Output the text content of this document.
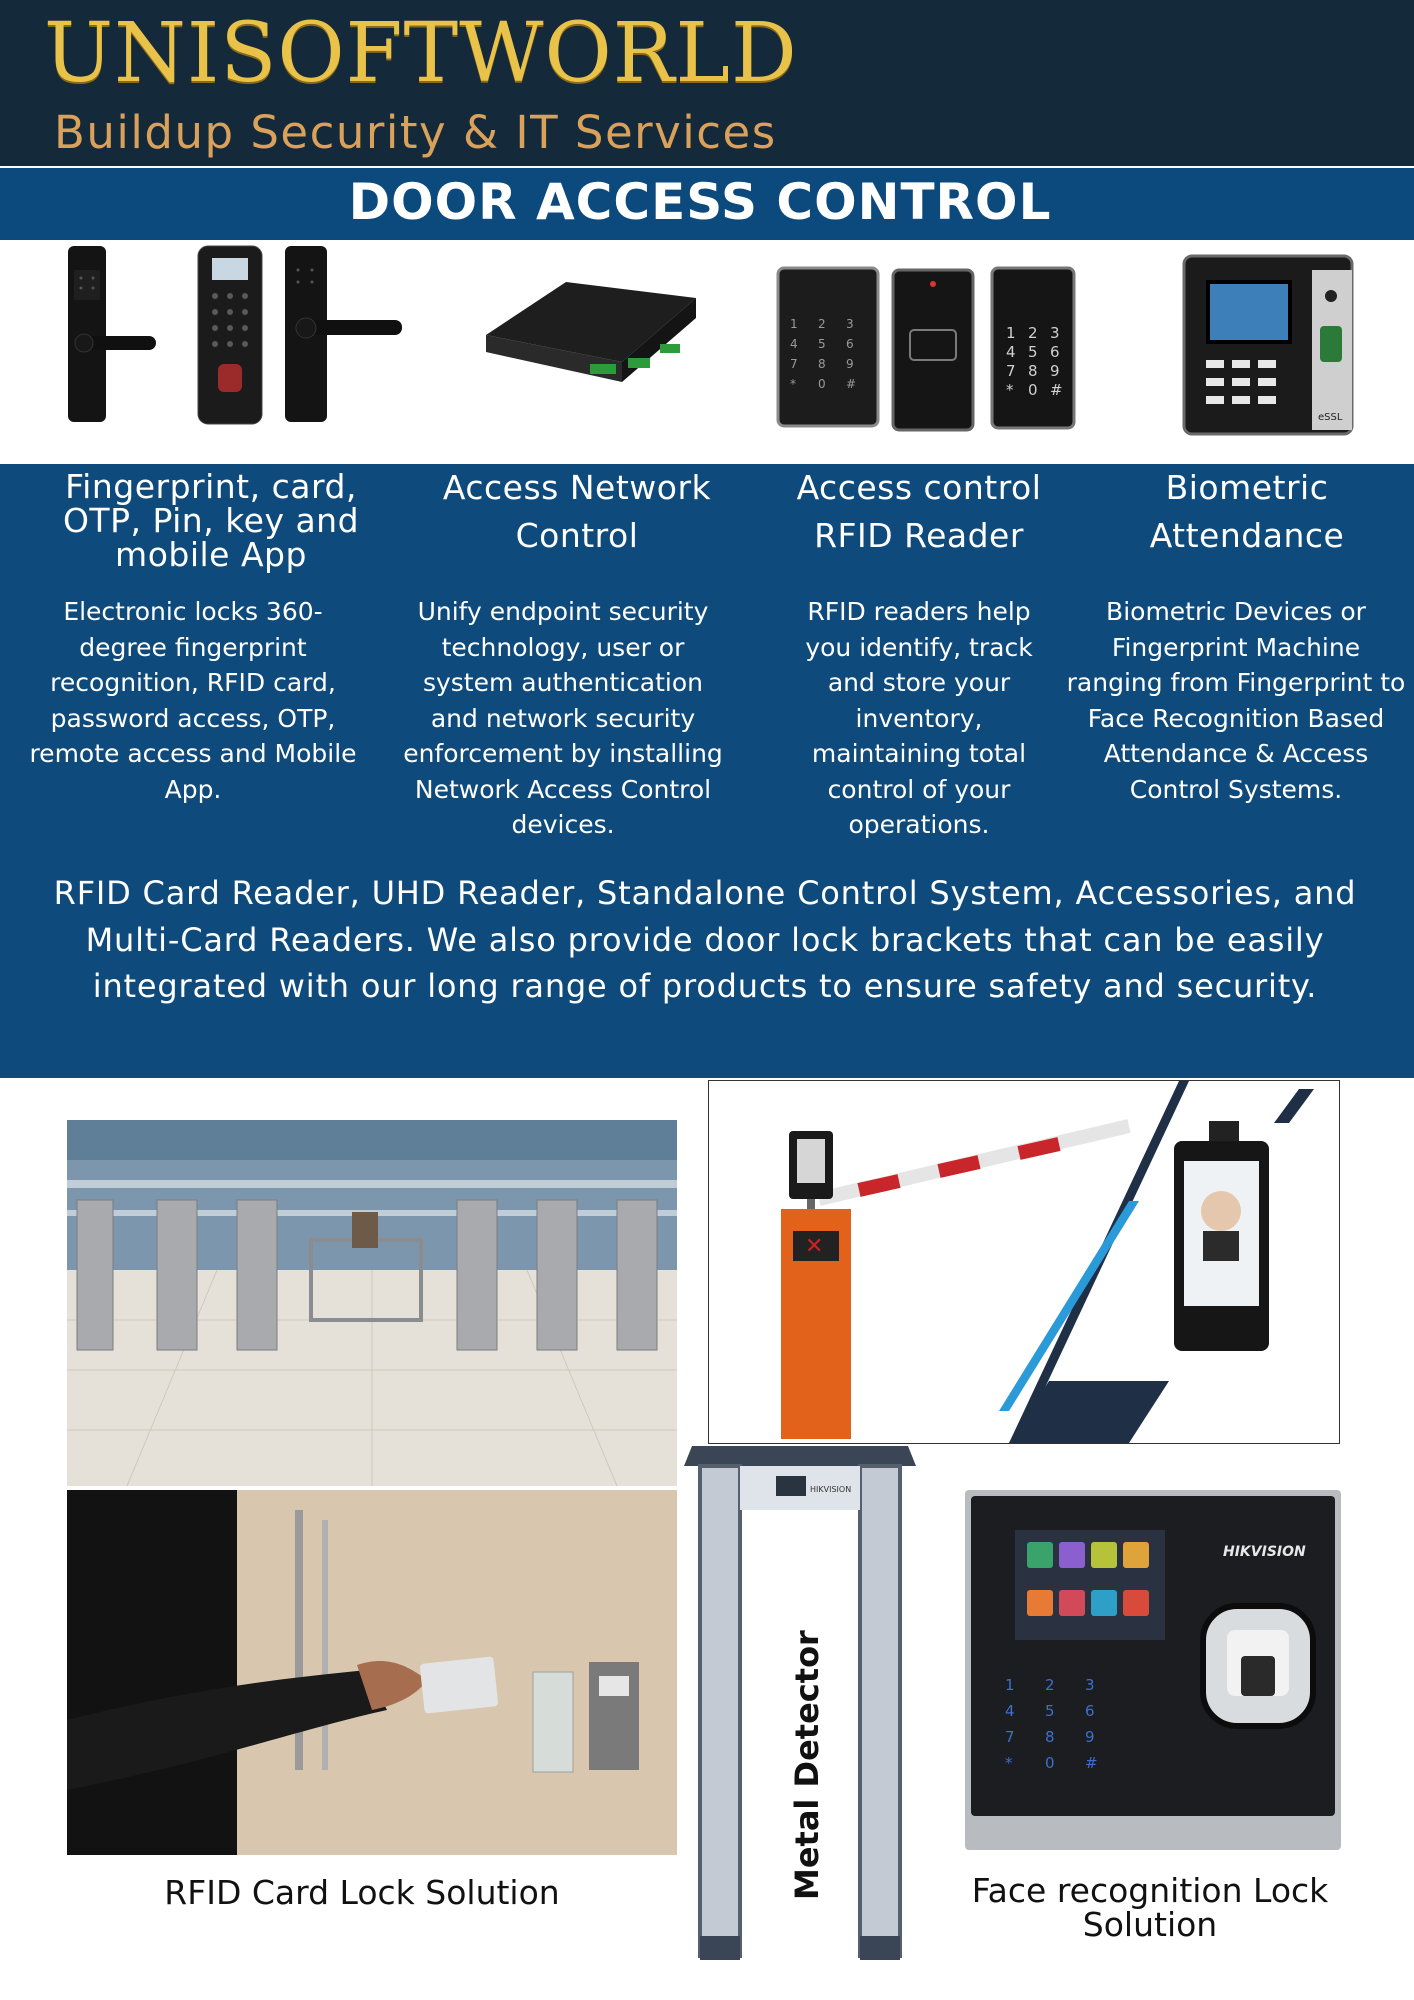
UNISOFTWORLD
Buildup Security & IT Services
DOOR ACCESS CONTROL
1 2 3
4 5 6
7 8 9
* 0 #
1 2 3
4 5 6
7 8 9
* 0 #
eSSL
Fingerprint, card, OTP, Pin, key and mobile App
Electronic locks 360-degree fingerprint recognition, RFID card, password access, OTP, remote access and Mobile App.
Access Network Control
Unify endpoint security technology, user or system authentication and network security enforcement by installing Network Access Control devices.
Access control RFID Reader
RFID readers help you identify, track and store your inventory, maintaining total control of your operations.
Biometric Attendance
Biometric Devices or Fingerprint Machine ranging from Fingerprint to Face Recognition Based Attendance & Access Control Systems.
RFID Card Reader, UHD Reader, Standalone Control System, Accessories, and Multi-Card Readers. We also provide door lock brackets that can be easily integrated with our long range of products to ensure safety and security.
RFID Card Lock Solution
✕
HIKVISION
Metal Detector
HIKVISION
1 2 3
4 5 6
7 8 9
* 0 #
Face recognition Lock Solution
